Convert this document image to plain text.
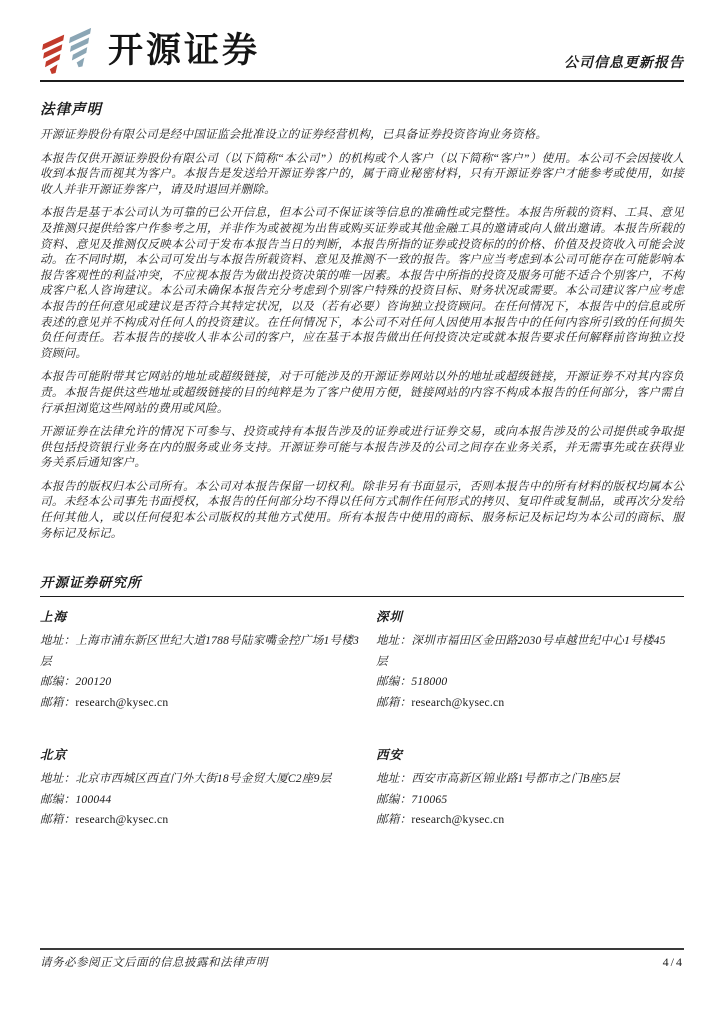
开源证券	公司信息更新报告
法律声明

开源证券股份有限公司是经中国证监会批准设立的证券经营机构，已具备证券投资咨询业务资格。

本报告仅供开源证券股份有限公司（以下简称“本公司”）的机构或个人客户（以下简称“客户”）使用。本公司不会因接收人收到本报告而视其为客户。本报告是发送给开源证券客户的，属于商业秘密材料，只有开源证券客户才能参考或使用，如接收人并非开源证券客户，请及时退回并删除。

本报告是基于本公司认为可靠的已公开信息，但本公司不保证该等信息的准确性或完整性。本报告所载的资料、工具、意见及推测只提供给客户作参考之用，并非作为或被视为出售或购买证券或其他金融工具的邀请或向人做出邀请。本报告所载的资料、意见及推测仅反映本公司于发布本报告当日的判断，本报告所指的证券或投资标的的价格、价值及投资收入可能会波动。在不同时期，本公司可发出与本报告所载资料、意见及推测不一致的报告。客户应当考虑到本公司可能存在可能影响本报告客观性的利益冲突，不应视本报告为做出投资决策的唯一因素。本报告中所指的投资及服务可能不适合个别客户，不构成客户私人咨询建议。本公司未确保本报告充分考虑到个别客户特殊的投资目标、财务状况或需要。本公司建议客户应考虑本报告的任何意见或建议是否符合其特定状况，以及（若有必要）咨询独立投资顾问。在任何情况下，本报告中的信息或所表述的意见并不构成对任何人的投资建议。在任何情况下，本公司不对任何人因使用本报告中的任何内容所引致的任何损失负任何责任。若本报告的接收人非本公司的客户，应在基于本报告做出任何投资决定或就本报告要求任何解释前咨询独立投资顾问。

本报告可能附带其它网站的地址或超级链接，对于可能涉及的开源证券网站以外的地址或超级链接，开源证券不对其内容负责。本报告提供这些地址或超级链接的目的纯粹是为了客户使用方便，链接网站的内容不构成本报告的任何部分，客户需自行承担浏览这些网站的费用或风险。

开源证券在法律允许的情况下可参与、投资或持有本报告涉及的证券或进行证券交易，或向本报告涉及的公司提供或争取提供包括投资银行业务在内的服务或业务支持。开源证券可能与本报告涉及的公司之间存在业务关系，并无需事先或在获得业务关系后通知客户。

本报告的版权归本公司所有。本公司对本报告保留一切权利。除非另有书面显示，否则本报告中的所有材料的版权均属本公司。未经本公司事先书面授权，本报告的任何部分均不得以任何方式制作任何形式的拷贝、复印件或复制品，或再次分发给任何其他人，或以任何侵犯本公司版权的其他方式使用。所有本报告中使用的商标、服务标记及标记均为本公司的商标、服务标记及标记。

开源证券研究所
上海
地址：上海市浦东新区世纪大道1788号陆家嘴金控广场1号楼3层
邮编：200120
邮箱：research@kysec.cn
深圳
地址：深圳市福田区金田路2030号卓越世纪中心1号楼45层
邮编：518000
邮箱：research@kysec.cn
北京
地址：北京市西城区西直门外大街18号金贸大厦C2座9层
邮编：100044
邮箱：research@kysec.cn
西安
地址：西安市高新区锦业路1号都市之门B座5层
邮编：710065
邮箱：research@kysec.cn
请务必参阅正文后面的信息披露和法律声明	4/4
